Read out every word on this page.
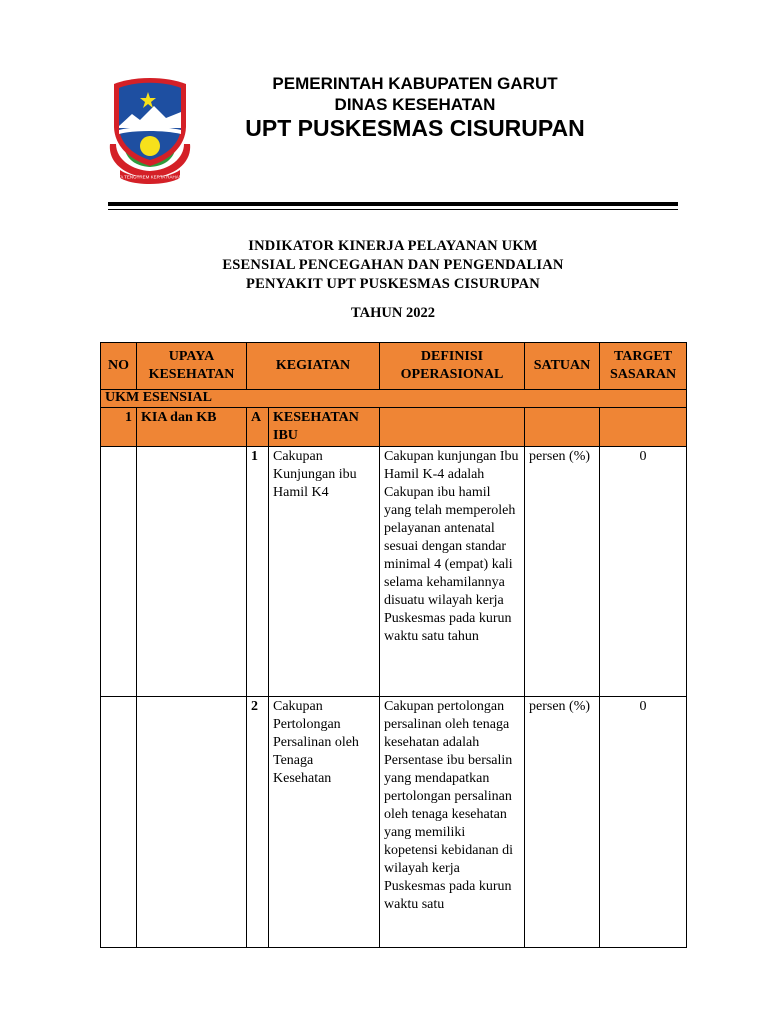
TATA TENGTREM KERTA RAHARJA
PEMERINTAH KABUPATEN GARUT
DINAS KESEHATAN
UPT PUSKESMAS CISURUPAN
INDIKATOR KINERJA PELAYANAN UKM
ESENSIAL PENCEGAHAN DAN PENGENDALIAN
PENYAKIT UPT PUSKESMAS CISURUPAN
TAHUN 2022
NO	UPAYA KESEHATAN	KEGIATAN		DEFINISI OPERASIONAL	SATUAN	TARGET SASARAN
UKM ESENSIAL						
1	KIA dan KB	A	KESEHATAN IBU			
		1	Cakupan Kunjungan ibu Hamil K4	Cakupan kunjungan Ibu Hamil K-4 adalah Cakupan ibu hamil yang telah memperoleh pelayanan antenatal sesuai dengan standar minimal 4 (empat) kali selama kehamilannya disuatu wilayah kerja Puskesmas pada kurun waktu satu tahun	persen (%)	0
		2	Cakupan Pertolongan Persalinan oleh Tenaga Kesehatan	Cakupan pertolongan persalinan oleh tenaga kesehatan adalah Persentase ibu bersalin yang mendapatkan pertolongan persalinan oleh tenaga kesehatan yang memiliki kopetensi kebidanan di wilayah kerja Puskesmas pada kurun waktu satu	persen (%)	0
